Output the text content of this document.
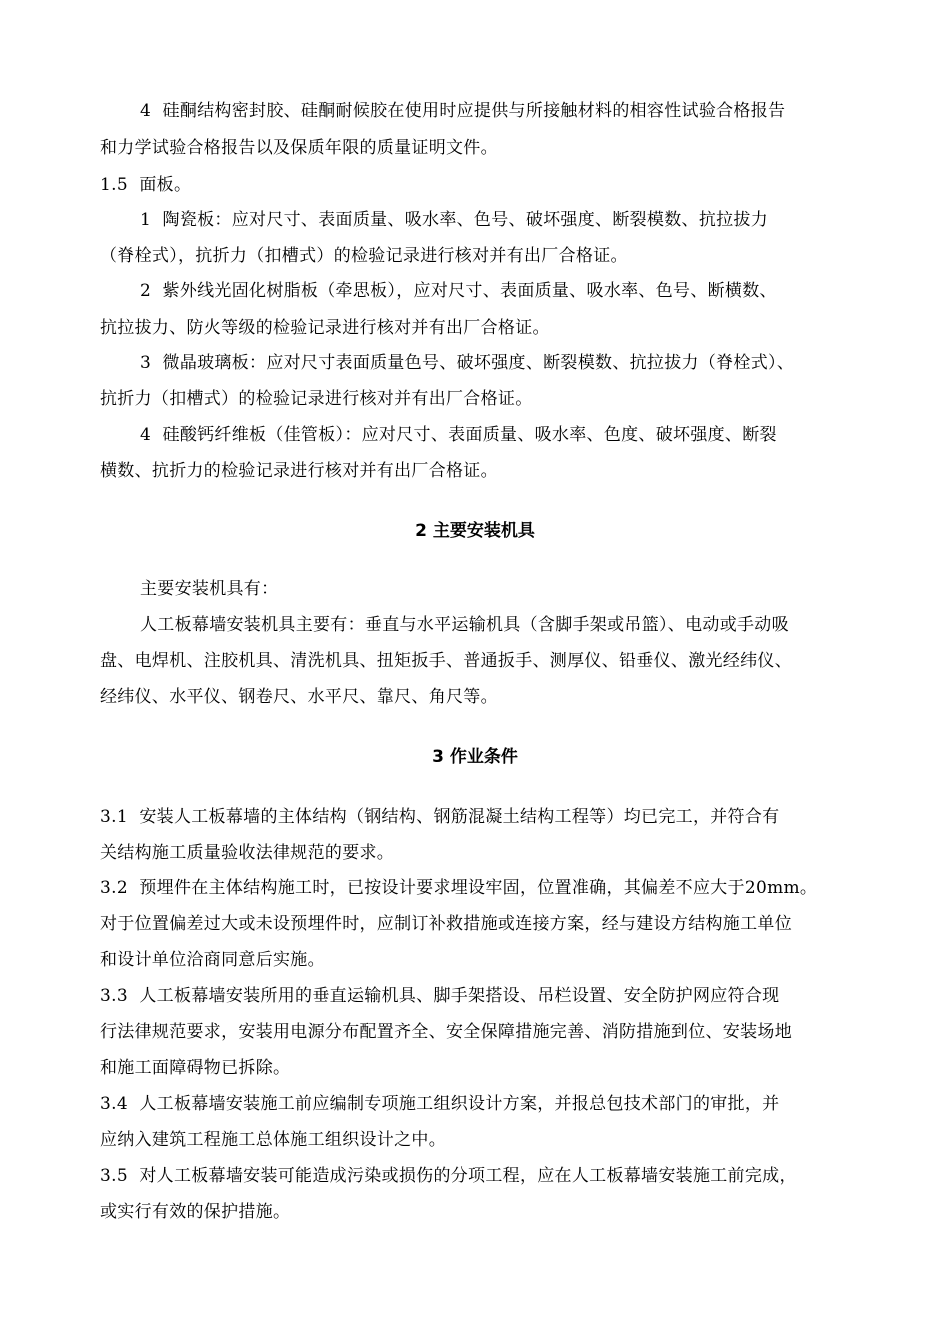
4  硅酮结构密封胶、硅酮耐候胶在使用时应提供与所接触材料的相容性试验合格报告
和力学试验合格报告以及保质年限的质量证明文件。
1.5  面板。
1  陶瓷板：应对尺寸、表面质量、吸水率、色号、破坏强度、断裂模数、抗拉拔力
（脊栓式），抗折力（扣槽式）的检验记录进行核对并有出厂合格证。
2  紫外线光固化树脂板（牵思板），应对尺寸、表面质量、吸水率、色号、断横数、
抗拉拔力、防火等级的检验记录进行核对并有出厂合格证。
3  微晶玻璃板：应对尺寸表面质量色号、破坏强度、断裂模数、抗拉拔力（脊栓式）、
抗折力（扣槽式）的检验记录进行核对并有出厂合格证。
4  硅酸钙纤维板（佳管板）：应对尺寸、表面质量、吸水率、色度、破坏强度、断裂
横数、抗折力的检验记录进行核对并有出厂合格证。
2 主要安装机具
主要安装机具有：
人工板幕墙安装机具主要有：垂直与水平运输机具（含脚手架或吊篮）、电动或手动吸
盘、电焊机、注胶机具、清洗机具、扭矩扳手、普通扳手、测厚仪、铅垂仪、激光经纬仪、
经纬仪、水平仪、钢卷尺、水平尺、靠尺、角尺等。
3 作业条件
3.1  安装人工板幕墙的主体结构（钢结构、钢筋混凝土结构工程等）均已完工，并符合有
关结构施工质量验收法律规范的要求。
3.2  预埋件在主体结构施工时，已按设计要求埋设牢固，位置准确，其偏差不应大于20mm。
对于位置偏差过大或未设预埋件时，应制订补救措施或连接方案，经与建设方结构施工单位
和设计单位洽商同意后实施。
3.3  人工板幕墙安装所用的垂直运输机具、脚手架搭设、吊栏设置、安全防护网应符合现
行法律规范要求，安装用电源分布配置齐全、安全保障措施完善、消防措施到位、安装场地
和施工面障碍物已拆除。
3.4  人工板幕墙安装施工前应编制专项施工组织设计方案，并报总包技术部门的审批，并
应纳入建筑工程施工总体施工组织设计之中。
3.5  对人工板幕墙安装可能造成污染或损伤的分项工程，应在人工板幕墙安装施工前完成，
或实行有效的保护措施。
